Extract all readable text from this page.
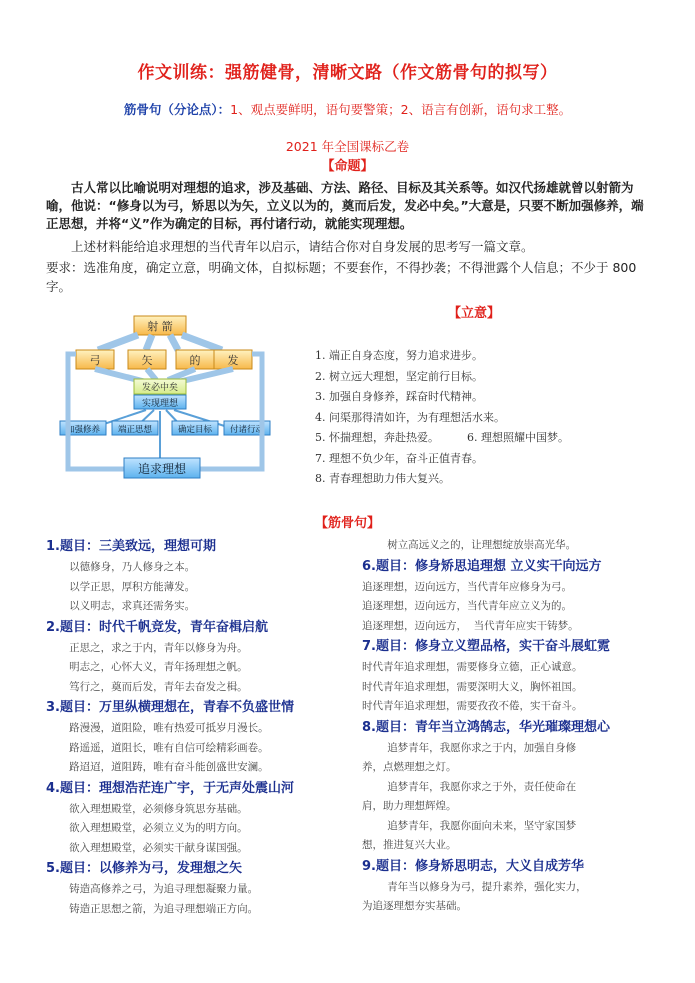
作文训练：强筋健骨，清晰文路（作文筋骨句的拟写）
筋骨句（分论点）：1、观点要鲜明，语句要警策；2、语言有创新，语句求工整。
2021 年全国课标乙卷
【命题】
古人常以比喻说明对理想的追求，涉及基础、方法、路径、目标及其关系等。如汉代扬雄就曾以射箭为喻，他说：“修身以为弓，矫思以为矢，立义以为的，奠而后发，发必中矣。”大意是，只要不断加强修养，端正思想，并将“义”作为确定的目标，再付诸行动，就能实现理想。
上述材料能给追求理想的当代青年以启示，请结合你对自身发展的思考写一篇文章。
要求：选准角度，确定立意，明确文体，自拟标题；不要套作，不得抄袭；不得泄露个人信息；不少于 800 字。
射 箭
弓	矢	的 发
发必中矣
实现理想
加强修养 端正思想	确定目标 付诸行动
追求理想
【立意】
1. 端正自身态度，努力追求进步。
2. 树立远大理想，坚定前行目标。
3. 加强自身修养，踩奋时代精神。
4. 问渠那得清如许，为有理想活水来。
5. 怀揣理想，奔赴热爱。        6. 理想照耀中国梦。
7. 理想不负少年，奋斗正值青春。
8. 青春理想助力伟大复兴。
【筋骨句】
1.题目：三美致远，理想可期
以德修身，乃人修身之本。
以学正思，厚积方能薄发。
以义明志，求真还需务实。
2.题目：时代千帆竞发，青年奋楫启航
正思之，求之于内，青年以修身为舟。
明志之，心怀大义，青年扬理想之帆。
笃行之，奠而后发，青年去奋发之楫。
3.题目：万里纵横理想在，青春不负盛世情
路漫漫，道阻险，唯有热爱可抵岁月漫长。
路遥遥，道阻长，唯有自信可绘精彩画卷。
路迢迢，道阻踌，唯有奋斗能创盛世安澜。
4.题目：理想浩茫连广宇，于无声处震山河
欲入理想殿堂，必须修身筑思夯基础。
欲入理想殿堂，必须立义为的明方向。
欲入理想殿堂，必须实干献身谋国强。
5.题目：以修养为弓，发理想之矢
铸造高修养之弓，为追寻理想凝聚力量。
铸造正思想之箭，为追寻理想端正方向。
树立高远义之的，让理想绽放崇高光华。
6.题目：修身矫思追理想 立义实干向远方
追逐理想，迈向远方，当代青年应修身为弓。
追逐理想，迈向远方，当代青年应立义为的。
追逐理想，迈向远方，  当代青年应实干铸梦。
7.题目：修身立义塑品格，实干奋斗展虹霓
时代青年追求理想，需要修身立德，正心诚意。
时代青年追求理想，需要深明大义，胸怀祖国。
时代青年追求理想，需要孜孜不倦，实干奋斗。
8.题目：青年当立鸿鹄志，华光璀璨理想心
追梦青年，我愿你求之于内，加强自身修
养，点燃理想之灯。
追梦青年，我愿你求之于外，责任使命在
肩，助力理想辉煌。
追梦青年，我愿你面向未来，坚守家国梦
想，推进复兴大业。
9.题目：修身矫思明志，大义自成芳华
青年当以修身为弓，提升素养，强化实力，
为追逐理想夯实基础。
